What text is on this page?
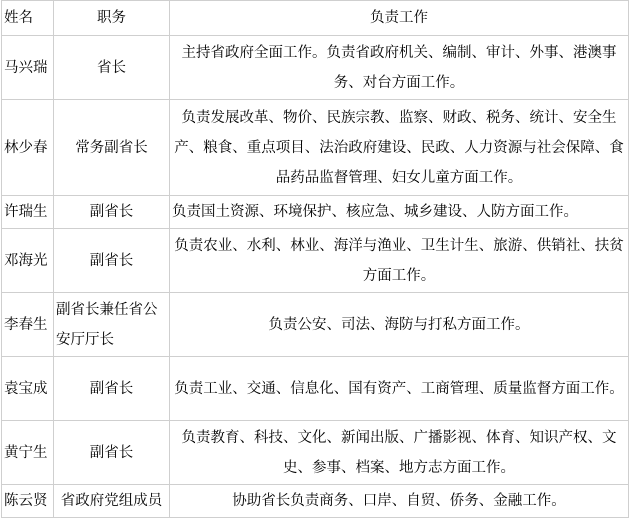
姓名	职务	负责工作
马兴瑞	省长	主持省政府全面工作。负责省政府机关、编制、审计、外事、港澳事务、对台方面工作。
林少春	常务副省长	负责发展改革、物价、民族宗教、监察、财政、税务、统计、安全生产、粮食、重点项目、法治政府建设、民政、人力资源与社会保障、食品药品监督管理、妇女儿童方面工作。
许瑞生	副省长	负责国土资源、环境保护、核应急、城乡建设、人防方面工作。
邓海光	副省长	负责农业、水利、林业、海洋与渔业、卫生计生、旅游、供销社、扶贫方面工作。
李春生	副省长兼任省公安厅厅长	负责公安、司法、海防与打私方面工作。
袁宝成	副省长	负责工业、交通、信息化、国有资产、工商管理、质量监督方面工作。
黄宁生	副省长	负责教育、科技、文化、新闻出版、广播影视、体育、知识产权、文史、参事、档案、地方志方面工作。
陈云贤	省政府党组成员	协助省长负责商务、口岸、自贸、侨务、金融工作。
